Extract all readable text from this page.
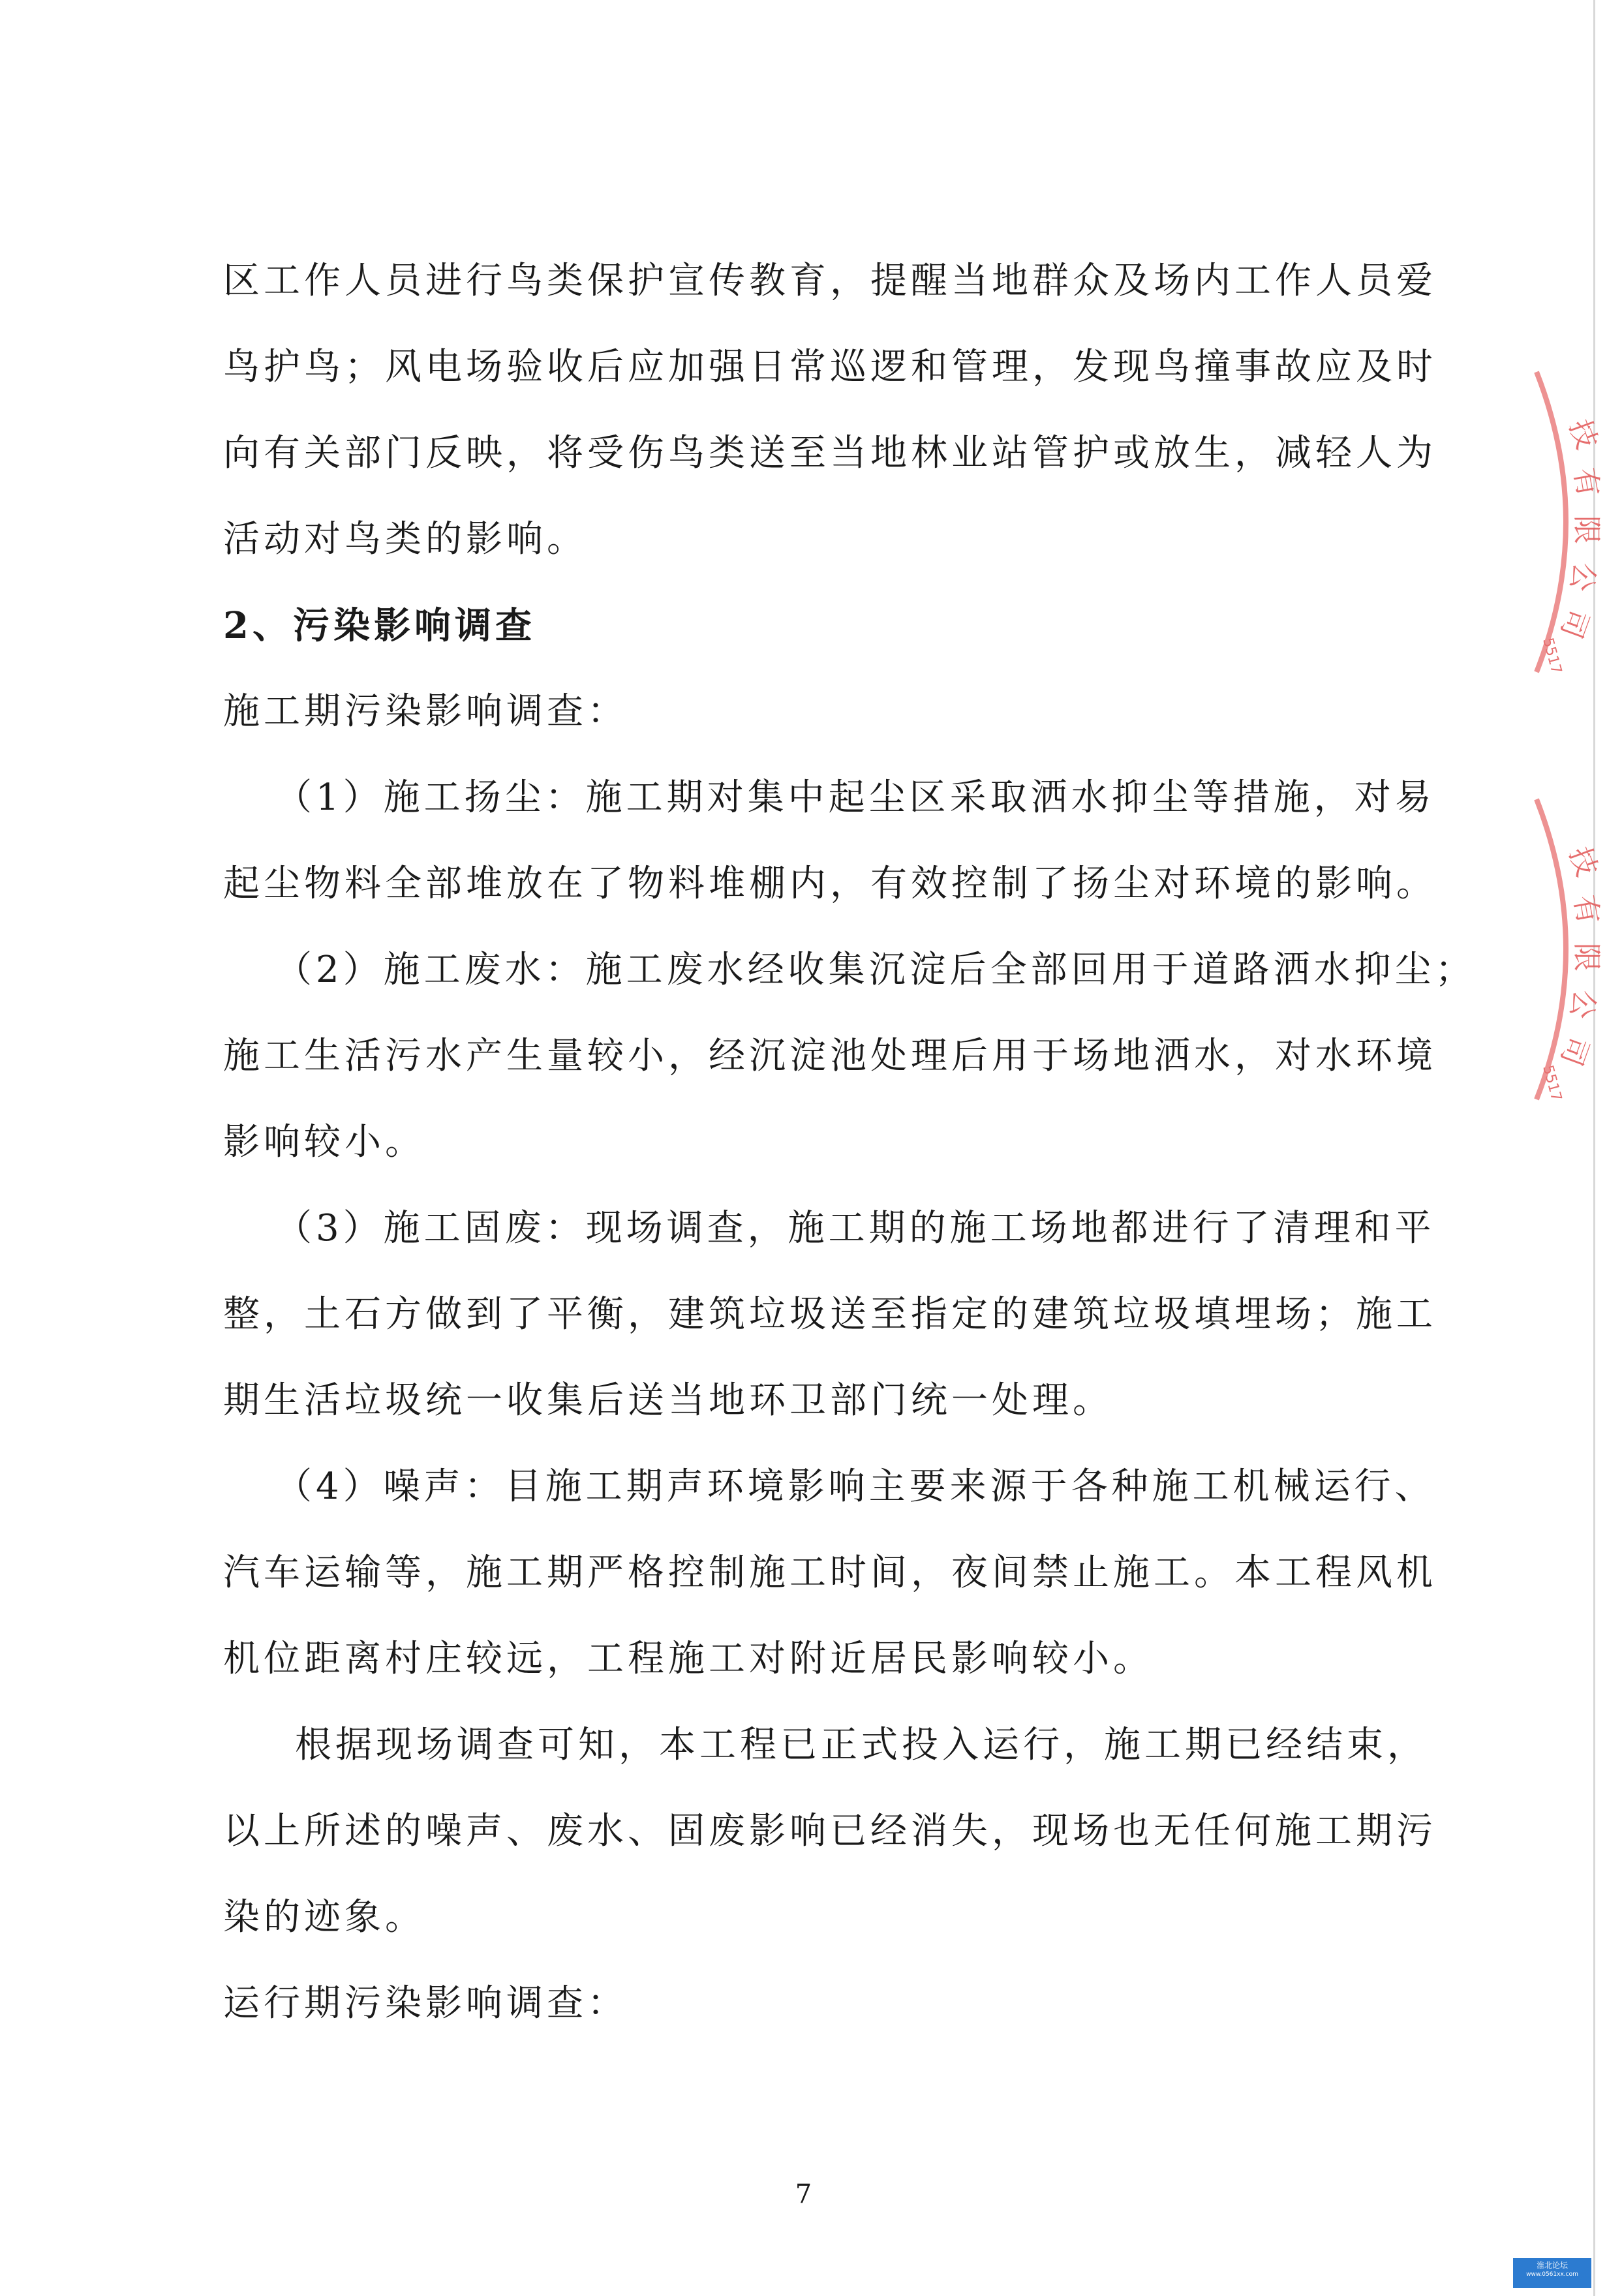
区工作人员进行鸟类保护宣传教育，提醒当地群众及场内工作人员爱
鸟护鸟；风电场验收后应加强日常巡逻和管理，发现鸟撞事故应及时
向有关部门反映，将受伤鸟类送至当地林业站管护或放生，减轻人为
活动对鸟类的影响。
2、污染影响调查
施工期污染影响调查：
（1）施工扬尘：施工期对集中起尘区采取洒水抑尘等措施，对易
起尘物料全部堆放在了物料堆棚内，有效控制了扬尘对环境的影响。
（2）施工废水：施工废水经收集沉淀后全部回用于道路洒水抑尘；
施工生活污水产生量较小，经沉淀池处理后用于场地洒水，对水环境
影响较小。
（3）施工固废：现场调查，施工期的施工场地都进行了清理和平
整，土石方做到了平衡，建筑垃圾送至指定的建筑垃圾填埋场；施工
期生活垃圾统一收集后送当地环卫部门统一处理。
（4）噪声：目施工期声环境影响主要来源于各种施工机械运行、
汽车运输等，施工期严格控制施工时间，夜间禁止施工。本工程风机
机位距离村庄较远，工程施工对附近居民影响较小。
根据现场调查可知，本工程已正式投入运行，施工期已经结束，
以上所述的噪声、废水、固废影响已经消失，现场也无任何施工期污
染的迹象。
运行期污染影响调查：
7
技
有
限
公
司
5517
技
有
限
公
司
5517
淮北论坛
www.0561xx.com
